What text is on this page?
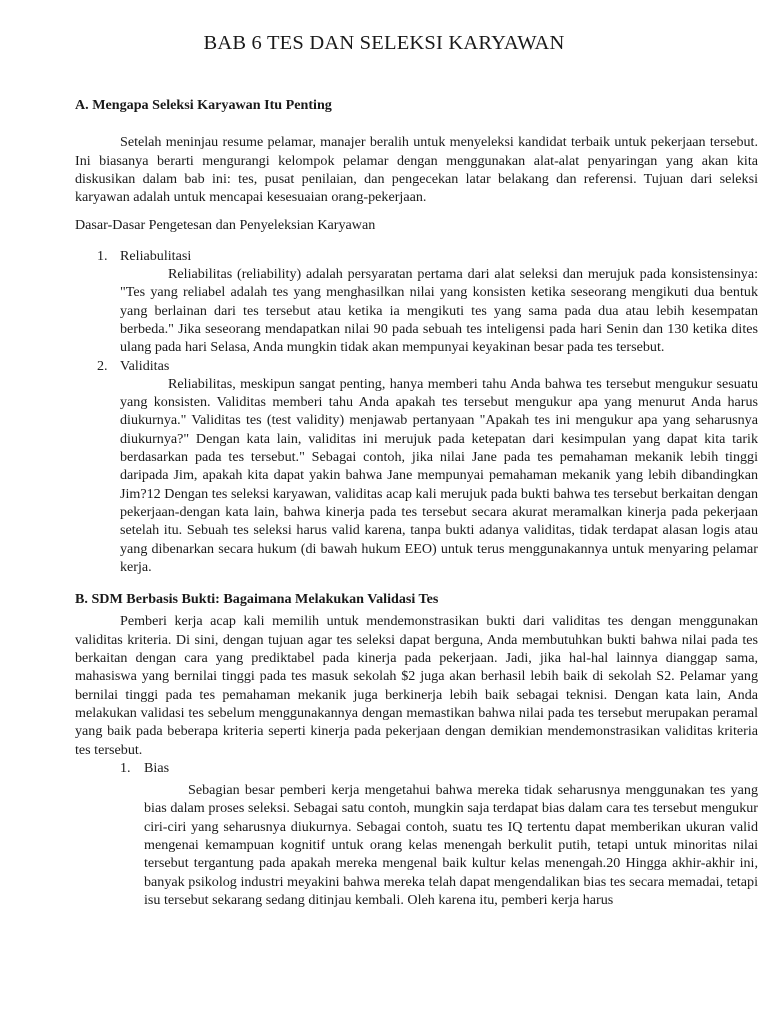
BAB 6 TES DAN SELEKSI KARYAWAN

A. Mengapa Seleksi Karyawan Itu Penting

Setelah meninjau resume pelamar, manajer beralih untuk menyeleksi kandidat terbaik untuk pekerjaan tersebut. Ini biasanya berarti mengurangi kelompok pelamar dengan menggunakan alat-alat penyaringan yang akan kita diskusikan dalam bab ini: tes, pusat penilaian, dan pengecekan latar belakang dan referensi. Tujuan dari seleksi karyawan adalah untuk mencapai kesesuaian orang-pekerjaan.

Dasar-Dasar Pengetesan dan Penyeleksian Karyawan

1. Reliabulitasi

Reliabilitas (reliability) adalah persyaratan pertama dari alat seleksi dan merujuk pada konsistensinya: "Tes yang reliabel adalah tes yang menghasilkan nilai yang konsisten ketika seseorang mengikuti dua bentuk yang berlainan dari tes tersebut atau ketika ia mengikuti tes yang sama pada dua atau lebih kesempatan berbeda." Jika seseorang mendapatkan nilai 90 pada sebuah tes inteligensi pada hari Senin dan 130 ketika dites ulang pada hari Selasa, Anda mungkin tidak akan mempunyai keyakinan besar pada tes tersebut.

2. Validitas

Reliabilitas, meskipun sangat penting, hanya memberi tahu Anda bahwa tes tersebut mengukur sesuatu yang konsisten. Validitas memberi tahu Anda apakah tes tersebut mengukur apa yang menurut Anda harus diukurnya." Validitas tes (test validity) menjawab pertanyaan "Apakah tes ini mengukur apa yang seharusnya diukurnya?" Dengan kata lain, validitas ini merujuk pada ketepatan dari kesimpulan yang dapat kita tarik berdasarkan pada tes tersebut." Sebagai contoh, jika nilai Jane pada tes pemahaman mekanik lebih tinggi daripada Jim, apakah kita dapat yakin bahwa Jane mempunyai pemahaman mekanik yang lebih dibandingkan Jim?12 Dengan tes seleksi karyawan, validitas acap kali merujuk pada bukti bahwa tes tersebut berkaitan dengan pekerjaan-dengan kata lain, bahwa kinerja pada tes tersebut secara akurat meramalkan kinerja pada pekerjaan setelah itu. Sebuah tes seleksi harus valid karena, tanpa bukti adanya validitas, tidak terdapat alasan logis atau yang dibenarkan secara hukum (di bawah hukum EEO) untuk terus menggunakannya untuk menyaring pelamar kerja.

B. SDM Berbasis Bukti: Bagaimana Melakukan Validasi Tes

Pemberi kerja acap kali memilih untuk mendemonstrasikan bukti dari validitas tes dengan menggunakan validitas kriteria. Di sini, dengan tujuan agar tes seleksi dapat berguna, Anda membutuhkan bukti bahwa nilai pada tes berkaitan dengan cara yang prediktabel pada kinerja pada pekerjaan. Jadi, jika hal-hal lainnya dianggap sama, mahasiswa yang bernilai tinggi pada tes masuk sekolah $2 juga akan berhasil lebih baik di sekolah S2. Pelamar yang bernilai tinggi pada tes pemahaman mekanik juga berkinerja lebih baik sebagai teknisi. Dengan kata lain, Anda melakukan validasi tes sebelum menggunakannya dengan memastikan bahwa nilai pada tes tersebut merupakan peramal yang baik pada beberapa kriteria seperti kinerja pada pekerjaan dengan demikian mendemonstrasikan validitas kriteria tes tersebut.

1. Bias

Sebagian besar pemberi kerja mengetahui bahwa mereka tidak seharusnya menggunakan tes yang bias dalam proses seleksi. Sebagai satu contoh, mungkin saja terdapat bias dalam cara tes tersebut mengukur ciri-ciri yang seharusnya diukurnya. Sebagai contoh, suatu tes IQ tertentu dapat memberikan ukuran valid mengenai kemampuan kognitif untuk orang kelas menengah berkulit putih, tetapi untuk minoritas nilai tersebut tergantung pada apakah mereka mengenal baik kultur kelas menengah.20 Hingga akhir-akhir ini, banyak psikolog industri meyakini bahwa mereka telah dapat mengendalikan bias tes secara memadai, tetapi isu tersebut sekarang sedang ditinjau kembali. Oleh karena itu, pemberi kerja harus
